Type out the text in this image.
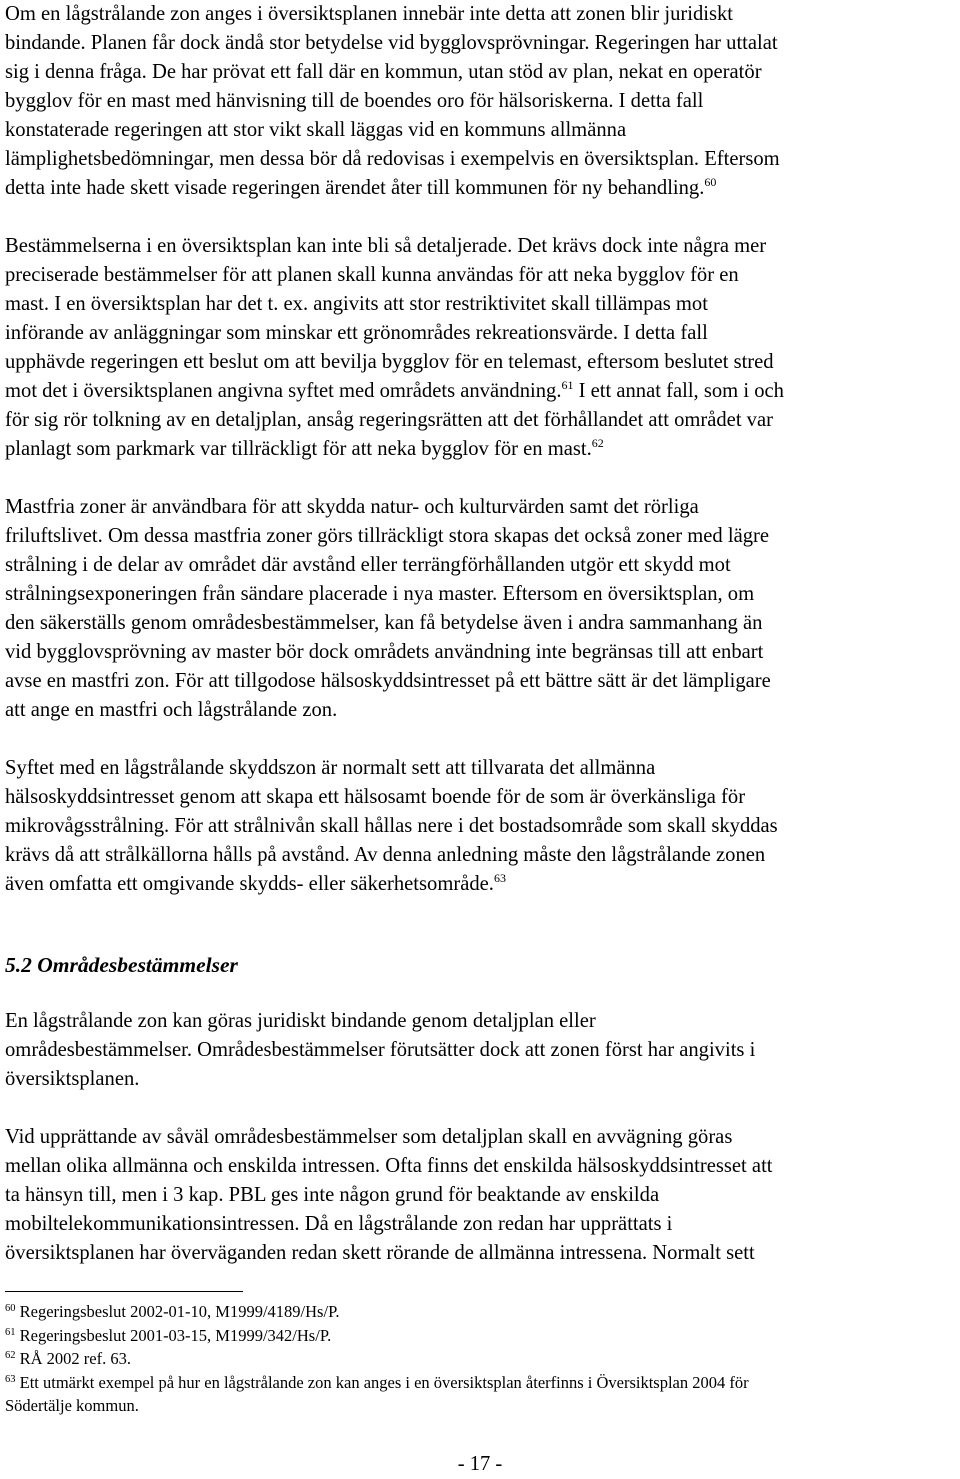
Om en lågstrålande zon anges i översiktsplanen innebär inte detta att zonen blir juridiskt
bindande. Planen får dock ändå stor betydelse vid bygglovsprövningar. Regeringen har uttalat
sig i denna fråga. De har prövat ett fall där en kommun, utan stöd av plan, nekat en operatör
bygglov för en mast med hänvisning till de boendes oro för hälsoriskerna. I detta fall
konstaterade regeringen att stor vikt skall läggas vid en kommuns allmänna
lämplighetsbedömningar, men dessa bör då redovisas i exempelvis en översiktsplan. Eftersom
detta inte hade skett visade regeringen ärendet åter till kommunen för ny behandling.$^{60}$

Bestämmelserna i en översiktsplan kan inte bli så detaljerade. Det krävs dock inte några mer
preciserade bestämmelser för att planen skall kunna användas för att neka bygglov för en
mast. I en översiktsplan har det t. ex. angivits att stor restriktivitet skall tillämpas mot
införande av anläggningar som minskar ett grönområdes rekreationsvärde. I detta fall
upphävde regeringen ett beslut om att bevilja bygglov för en telemast, eftersom beslutet stred
mot det i översiktsplanen angivna syftet med områdets användning.$^{61}$ I ett annat fall, som i och
för sig rör tolkning av en detaljplan, ansåg regeringsrätten att det förhållandet att området var
planlagt som parkmark var tillräckligt för att neka bygglov för en mast.$^{62}$

Mastfria zoner är användbara för att skydda natur- och kulturvärden samt det rörliga
friluftslivet. Om dessa mastfria zoner görs tillräckligt stora skapas det också zoner med lägre
strålning i de delar av området där avstånd eller terrängförhållanden utgör ett skydd mot
strålningsexponeringen från sändare placerade i nya master. Eftersom en översiktsplan, om
den säkerställs genom områdesbestämmelser, kan få betydelse även i andra sammanhang än
vid bygglovsprövning av master bör dock områdets användning inte begränsas till att enbart
avse en mastfri zon. För att tillgodose hälsoskyddsintresset på ett bättre sätt är det lämpligare
att ange en mastfri och lågstrålande zon.

Syftet med en lågstrålande skyddszon är normalt sett att tillvarata det allmänna
hälsoskyddsintresset genom att skapa ett hälsosamt boende för de som är överkänsliga för
mikrovågsstrålning. För att strålnivån skall hållas nere i det bostadsområde som skall skyddas
krävs då att strålkällorna hålls på avstånd. Av denna anledning måste den lågstrålande zonen
även omfatta ett omgivande skydds- eller säkerhetsområde.$^{63}$

5.2 Områdesbestämmelser

En lågstrålande zon kan göras juridiskt bindande genom detaljplan eller
områdesbestämmelser. Områdesbestämmelser förutsätter dock att zonen först har angivits i
översiktsplanen.

Vid upprättande av såväl områdesbestämmelser som detaljplan skall en avvägning göras
mellan olika allmänna och enskilda intressen. Ofta finns det enskilda hälsoskyddsintresset att
ta hänsyn till, men i 3 kap. PBL ges inte någon grund för beaktande av enskilda
mobiltelekommunikationsintressen. Då en lågstrålande zon redan har upprättats i
översiktsplanen har överväganden redan skett rörande de allmänna intressena. Normalt sett

$^{60}$ Regeringsbeslut 2002-01-10, M1999/4189/Hs/P.
$^{61}$ Regeringsbeslut 2001-03-15, M1999/342/Hs/P.
$^{62}$ RÅ 2002 ref. 63.
$^{63}$ Ett utmärkt exempel på hur en lågstrålande zon kan anges i en översiktsplan återfinns i Översiktsplan 2004 för
Södertälje kommun.
- 17 -
